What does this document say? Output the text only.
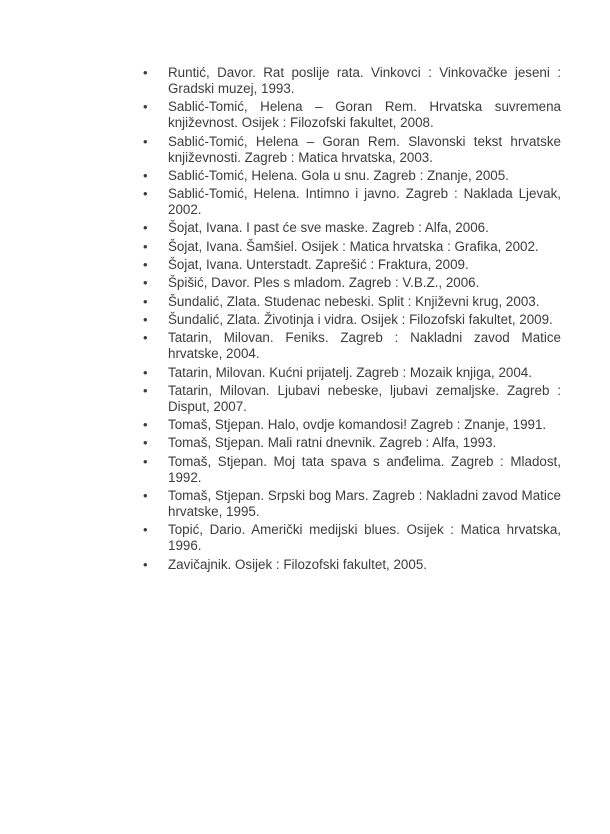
• Runtić, Davor. Rat poslije rata. Vinkovci : Vinkovačke jeseni : Gradski muzej, 1993.
• Sablić-Tomić, Helena – Goran Rem. Hrvatska suvremena književnost. Osijek : Filozofski fakultet, 2008.
• Sablić-Tomić, Helena – Goran Rem. Slavonski tekst hrvatske književnosti. Zagreb : Matica hrvatska, 2003.
• Sablić-Tomić, Helena. Gola u snu. Zagreb : Znanje, 2005.
• Sablić-Tomić, Helena. Intimno i javno. Zagreb : Naklada Ljevak, 2002.
• Šojat, Ivana. I past će sve maske. Zagreb : Alfa, 2006.
• Šojat, Ivana. Šamšiel. Osijek : Matica hrvatska : Grafika, 2002.
• Šojat, Ivana. Unterstadt. Zaprešić : Fraktura, 2009.
• Špišić, Davor. Ples s mladom. Zagreb : V.B.Z., 2006.
• Šundalić, Zlata. Studenac nebeski. Split : Književni krug, 2003.
• Šundalić, Zlata. Životinja i vidra. Osijek : Filozofski fakultet, 2009.
• Tatarin, Milovan. Feniks. Zagreb : Nakladni zavod Matice hrvatske, 2004.
• Tatarin, Milovan. Kućni prijatelj. Zagreb : Mozaik knjiga, 2004.
• Tatarin, Milovan. Ljubavi nebeske, ljubavi zemaljske. Zagreb : Disput, 2007.
• Tomaš, Stjepan. Halo, ovdje komandosi! Zagreb : Znanje, 1991.
• Tomaš, Stjepan. Mali ratni dnevnik. Zagreb : Alfa, 1993.
• Tomaš, Stjepan. Moj tata spava s anđelima. Zagreb : Mladost, 1992.
• Tomaš, Stjepan. Srpski bog Mars. Zagreb : Nakladni zavod Matice hrvatske, 1995.
• Topić, Dario. Američki medijski blues. Osijek : Matica hrvatska, 1996.
• Zavičajnik. Osijek : Filozofski fakultet, 2005.
